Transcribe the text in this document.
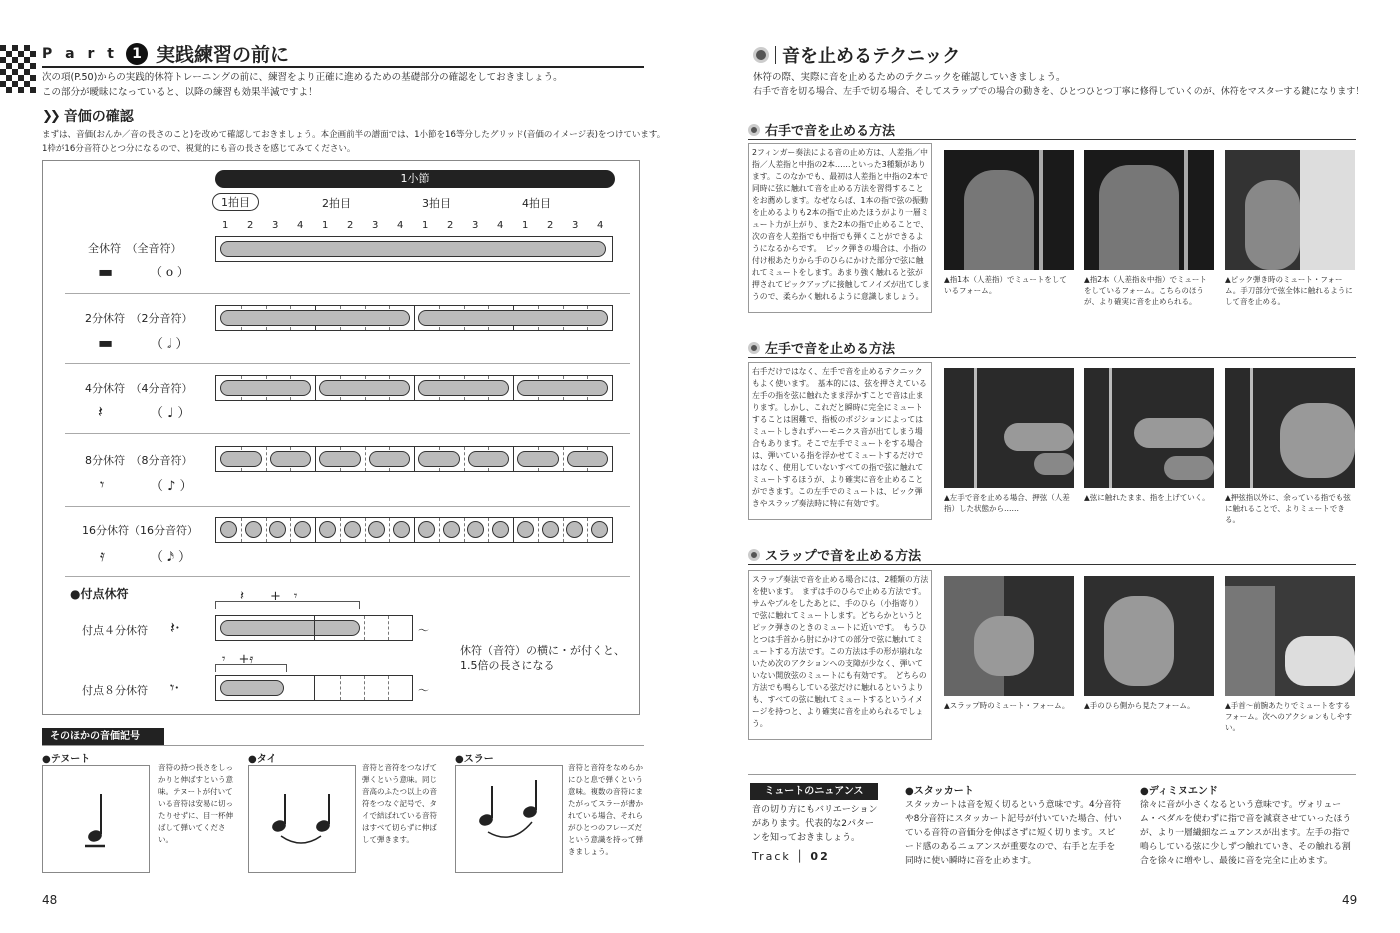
P a r t	1 実践練習の前に
次の項(P.50)からの実践的休符トレーニングの前に、練習をより正確に進めるための基礎部分の確認をしておきましょう。
この部分が曖昧になっていると、以降の練習も効果半減ですよ！
❯❯ 音価の確認
まずは、音価(おんか／音の長さのこと)を改めて確認しておきましょう。本企画前半の譜面では、1小節を16等分したグリッド(音価のイメージ表)をつけています。
1枠が16分音符ひとつ分になるので、視覚的にも音の長さを感じてみてください。
1小節
1拍目	2拍目	3拍目	4拍目
1 2 3 4 1 2 3 4 1 2 3 4 1 2 3 4
全休符　 （全音符）
▬	（ o ）
2分休符　 （2分音符）
▬	（ 𝅗𝅥 ）
4分休符　 （4分音符）
𝄽	（ ♩ ）
8分休符　 （8分音符）
𝄾	（ ♪ ）
16分休符（16分音符）
𝄿	（ 𝅘𝅥𝅯 ）
●付点休符	𝄽　　+　𝄾
付点４分休符 𝄽·	〜
𝄾　+𝄿
付点８分休符 𝄾·	〜
休符（音符）の横に・が付くと、
1.5倍の長さになる
そのほかの音価記号
●テヌート
音符の持つ長さをしっかりと伸ばすという意味。テヌートが付いている音符は安易に切ったりせずに、目一杯伸ばして弾いてください。
●タイ
音符と音符をつなげて弾くという意味。同じ音高のふたつ以上の音符をつなぐ記号で、タイで結ばれている音符はすべて切らずに伸ばして弾きます。
●スラー
音符と音符をなめらかにひと息で弾くという意味。複数の音符にまたがってスラーが書かれている場合、それらがひとつのフレーズだという意識を持って弾きましょう。
48
音を止めるテクニック
休符の際、実際に音を止めるためのテクニックを確認していきましょう。
右手で音を切る場合、左手で切る場合、そしてスラップでの場合の動きを、ひとつひとつ丁寧に修得していくのが、休符をマスターする鍵になります！
右手で音を止める方法
2フィンガー奏法による音の止め方は、人差指／中指／人差指と中指の2本……といった3種類があります。このなかでも、最初は人差指と中指の2本で同時に弦に触れて音を止める方法を習得することをお薦めします。なぜならば、1本の指で弦の振動を止めるよりも2本の指で止めたほうがより一層ミュート力が上がり、また2本の指で止めることで、次の音を人差指でも中指でも弾くことができるようになるからです。　ピック弾きの場合は、小指の付け根あたりから手のひらにかけた部分で弦に触れてミュートをします。あまり強く触れると弦が押されてピックアップに接触してノイズが出てしまうので、柔らかく触れるように意識しましょう。
▲指1本（人差指）でミュートをしているフォーム。
▲指2本（人差指＆中指）でミュートをしているフォーム。こちらのほうが、より確実に音を止められる。
▲ピック弾き時のミュート・フォーム。手刀部分で弦全体に触れるようにして音を止める。
左手で音を止める方法
右手だけではなく、左手で音を止めるテクニックもよく使います。　基本的には、弦を押さえている左手の指を弦に触れたまま浮かすことで音は止まります。しかし、これだと瞬時に完全にミュートすることは困難で、指板のポジションによってはミュートしきれずハーモニクス音が出てしまう場合もあります。そこで左手でミュートをする場合は、弾いている指を浮かせてミュートするだけではなく、使用していないすべての指で弦に触れてミュートするほうが、より確実に音を止めることができます。この左手でのミュートは、ピック弾きやスラップ奏法時に特に有効です。
▲左手で音を止める場合、押弦（人差指）した状態から……
▲弦に触れたまま、指を上げていく。	▲押弦指以外に、余っている指でも弦に触れることで、よりミュートできる。
スラップで音を止める方法
スラップ奏法で音を止める場合には、2種類の方法を使います。　まずは手のひらで止める方法です。サムやプルをしたあとに、手のひら（小指寄り）で弦に触れてミュートします。どちらかというとピック弾きのときのミュートに近いです。　もうひとつは手首から肘にかけての部分で弦に触れてミュートする方法です。この方法は手の形が崩れないため次のアクションへの支障が少なく、弾いていない開放弦のミュートにも有効です。　どちらの方法でも鳴らしている弦だけに触れるというよりも、すべての弦に触れてミュートするというイメージを持つと、より確実に音を止められるでしょう。
▲スラップ時のミュート・フォーム。	▲手のひら側から見たフォーム。	▲手首〜前腕あたりでミュートをするフォーム。次へのアクションもしやすい。
ミュートのニュアンス
音の切り方にもバリエーションがあります。代表的な2パターンを知っておきましょう。
Track │ 02
●スタッカート
スタッカートは音を短く切るという意味です。4分音符や8分音符にスタッカート記号が付いていた場合、付いている音符の音価分を伸ばさずに短く切ります。スピード感のあるニュアンスが重要なので、右手と左手を同時に使い瞬時に音を止めます。
●ディミヌエンド
徐々に音が小さくなるという意味です。ヴォリューム・ペダルを使わずに指で音を減衰させていったほうが、より一層繊細なニュアンスが出ます。左手の指で鳴らしている弦に少しずつ触れていき、その触れる割合を徐々に増やし、最後に音を完全に止めます。
49
